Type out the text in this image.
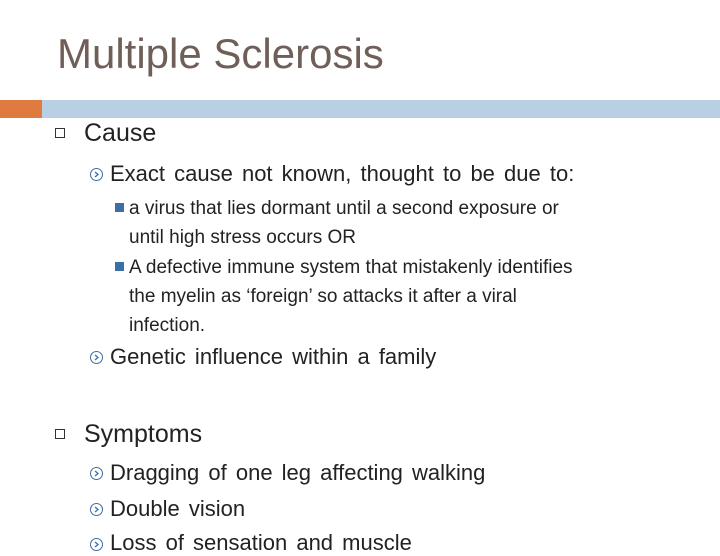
Multiple Sclerosis
Cause
Exact cause not known, thought to be due to:
a virus that lies dormant until a second exposure or
until high stress occurs OR
A defective immune system that mistakenly identifies
the myelin as ‘foreign’ so attacks it after a viral
infection.
Genetic influence within a family
Symptoms
Dragging of one leg affecting walking
Double vision
Loss of sensation and muscle
